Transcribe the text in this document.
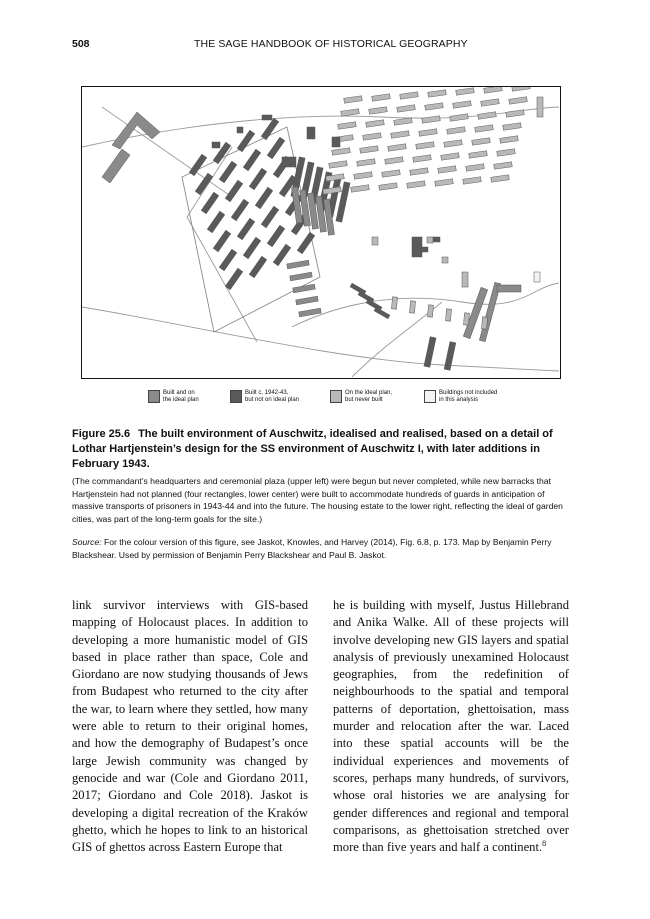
508	THE SAGE HANDBOOK OF HISTORICAL GEOGRAPHY
Built and on
the ideal plan
Built c. 1942-43,
but not on ideal plan
On the ideal plan,
but never built
Buildings not included
in this analysis

Figure 25.6 The built environment of Auschwitz, idealised and realised, based on a detail of Lothar Hartjenstein’s design for the SS environment of Auschwitz I, with later additions in February 1943.

(The commandant’s headquarters and ceremonial plaza (upper left) were begun but never completed, while new barracks that Hartjenstein had not planned (four rectangles, lower center) were built to accommodate hundreds of guards in anticipation of massive transports of prisoners in 1943-44 and into the future. The housing estate to the lower right, reflecting the ideal of garden cities, was part of the long-term goals for the site.)

Source: For the colour version of this figure, see Jaskot, Knowles, and Harvey (2014), Fig. 6.8, p. 173. Map by Benjamin Perry Blackshear. Used by permission of Benjamin Perry Blackshear and Paul B. Jaskot.

link survivor interviews with GIS-based mapping of Holocaust places. In addition to developing a more humanistic model of GIS based in place rather than space, Cole and Giordano are now studying thousands of Jews from Budapest who returned to the city after the war, to learn where they settled, how many were able to return to their original homes, and how the demography of Budapest’s once large Jewish community was changed by genocide and war (Cole and Giordano 2011, 2017; Giordano and Cole 2018). Jaskot is developing a digital recreation of the Kraków ghetto, which he hopes to link to an historical GIS of ghettos across Eastern Europe that

he is building with myself, Justus Hillebrand and Anika Walke. All of these projects will involve developing new GIS layers and spatial analysis of previously unexamined Holocaust geographies, from the redefinition of neighbourhoods to the spatial and temporal patterns of deportation, ghettoisation, mass murder and relocation after the war. Laced into these spatial accounts will be the individual experiences and movements of scores, perhaps many hundreds, of survivors, whose oral histories we are analysing for gender differences and regional and temporal comparisons, as ghettoisation stretched over more than five years and half a continent.$^8$
